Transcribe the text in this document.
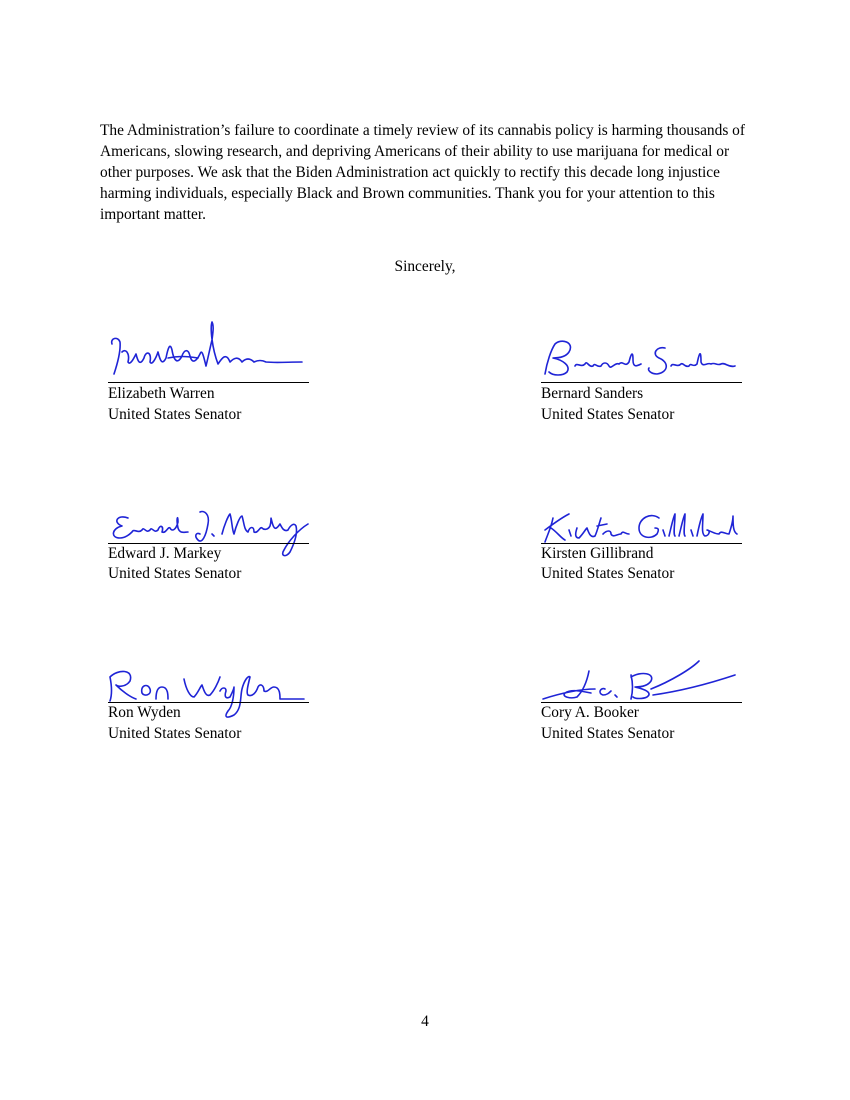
The Administration’s failure to coordinate a timely review of its cannabis policy is harming thousands of Americans, slowing research, and depriving Americans of their ability to use marijuana for medical or other purposes. We ask that the Biden Administration act quickly to rectify this decade long injustice harming individuals, especially Black and Brown communities. Thank you for your attention to this important matter.

Sincerely,
Elizabeth Warren
United States Senator
Bernard Sanders
United States Senator
Edward J. Markey
United States Senator
Kirsten Gillibrand
United States Senator
Ron Wyden
United States Senator
Cory A. Booker
United States Senator
4
